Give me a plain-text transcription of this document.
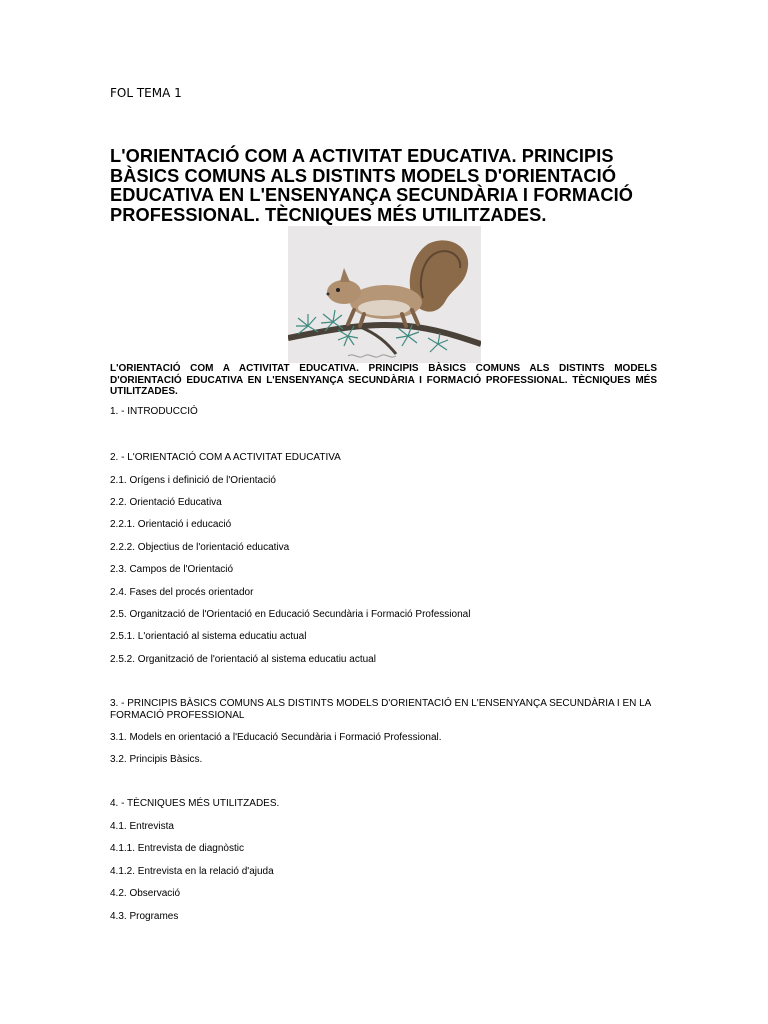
FOL TEMA 1
L'ORIENTACIÓ COM A ACTIVITAT EDUCATIVA. PRINCIPIS BÀSICS COMUNS ALS DISTINTS MODELS D'ORIENTACIÓ EDUCATIVA EN L'ENSENYANÇA SECUNDÀRIA I FORMACIÓ PROFESSIONAL. TÈCNIQUES MÉS UTILITZADES.
L'ORIENTACIÓ COM A ACTIVITAT EDUCATIVA. PRINCIPIS BÀSICS COMUNS ALS DISTINTS MODELS D'ORIENTACIÓ EDUCATIVA EN L'ENSENYANÇA SECUNDÀRIA I FORMACIÓ PROFESSIONAL. TÈCNIQUES MÉS UTILITZADES.
1. - INTRODUCCIÓ
2. - L'ORIENTACIÓ COM A ACTIVITAT EDUCATIVA
2.1. Orígens i definició de l'Orientació
2.2. Orientació Educativa
2.2.1. Orientació i educació
2.2.2. Objectius de l'orientació educativa
2.3. Campos de l'Orientació
2.4. Fases del procés orientador
2.5. Organització de l'Orientació en Educació Secundària i Formació Professional
2.5.1. L'orientació al sistema educatiu actual
2.5.2. Organització de l'orientació al sistema educatiu actual
3. - PRINCIPIS BÀSICS COMUNS ALS DISTINTS MODELS D'ORIENTACIÓ EN L'ENSENYANÇA SECUNDÀRIA I EN LA FORMACIÓ PROFESSIONAL
3.1. Models en orientació a l'Educació Secundària i Formació Professional.
3.2. Principis Bàsics.
4. - TÈCNIQUES MÉS UTILITZADES.
4.1. Entrevista
4.1.1. Entrevista de diagnòstic
4.1.2. Entrevista en la relació d'ajuda
4.2. Observació
4.3. Programes
